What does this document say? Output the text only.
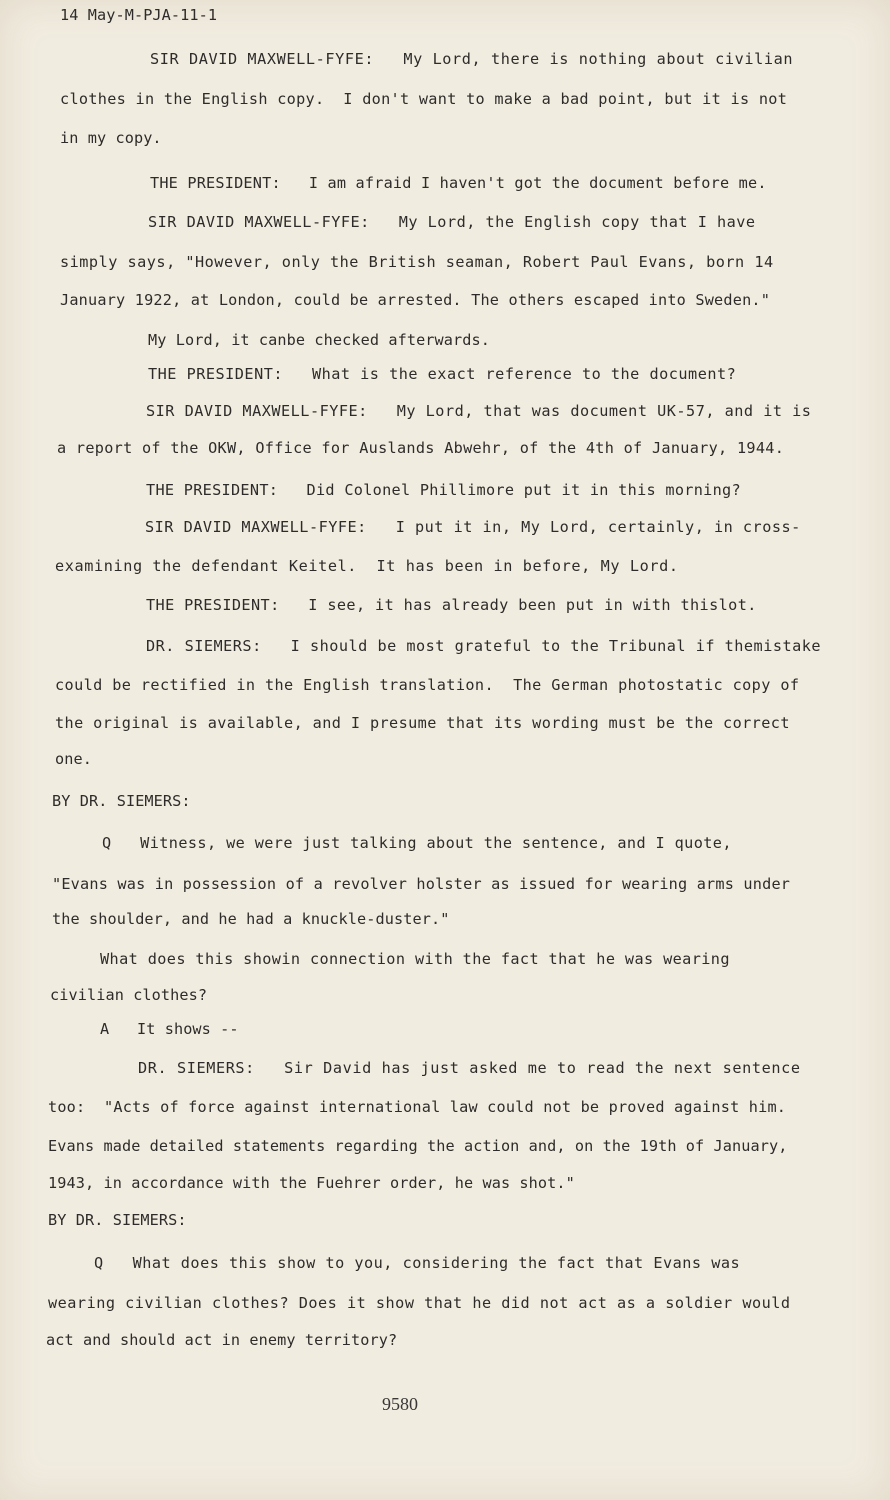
14 May-M-PJA-11-1
SIR DAVID MAXWELL-FYFE:   My Lord, there is nothing about civilian
clothes in the English copy.  I don't want to make a bad point, but it is not
in my copy.
THE PRESIDENT:   I am afraid I haven't got the document before me.
SIR DAVID MAXWELL-FYFE:   My Lord, the English copy that I have
simply says, "However, only the British seaman, Robert Paul Evans, born 14
January 1922, at London, could be arrested. The others escaped into Sweden."
My Lord, it canbe checked afterwards.
THE PRESIDENT:   What is the exact reference to the document?
SIR DAVID MAXWELL-FYFE:   My Lord, that was document UK-57, and it is
a report of the OKW, Office for Auslands Abwehr, of the 4th of January, 1944.
THE PRESIDENT:   Did Colonel Phillimore put it in this morning?
SIR DAVID MAXWELL-FYFE:   I put it in, My Lord, certainly, in cross-
examining the defendant Keitel.  It has been in before, My Lord.
THE PRESIDENT:   I see, it has already been put in with thislot.
DR. SIEMERS:   I should be most grateful to the Tribunal if themistake
could be rectified in the English translation.  The German photostatic copy of
the original is available, and I presume that its wording must be the correct
one.
BY DR. SIEMERS:
Q   Witness, we were just talking about the sentence, and I quote,
"Evans was in possession of a revolver holster as issued for wearing arms under
the shoulder, and he had a knuckle-duster."
What does this showin connection with the fact that he was wearing
civilian clothes?
A   It shows --
DR. SIEMERS:   Sir David has just asked me to read the next sentence
too:  "Acts of force against international law could not be proved against him.
Evans made detailed statements regarding the action and, on the 19th of January,
1943, in accordance with the Fuehrer order, he was shot."
BY DR. SIEMERS:
Q   What does this show to you, considering the fact that Evans was
wearing civilian clothes? Does it show that he did not act as a soldier would
act and should act in enemy territory?
9580
